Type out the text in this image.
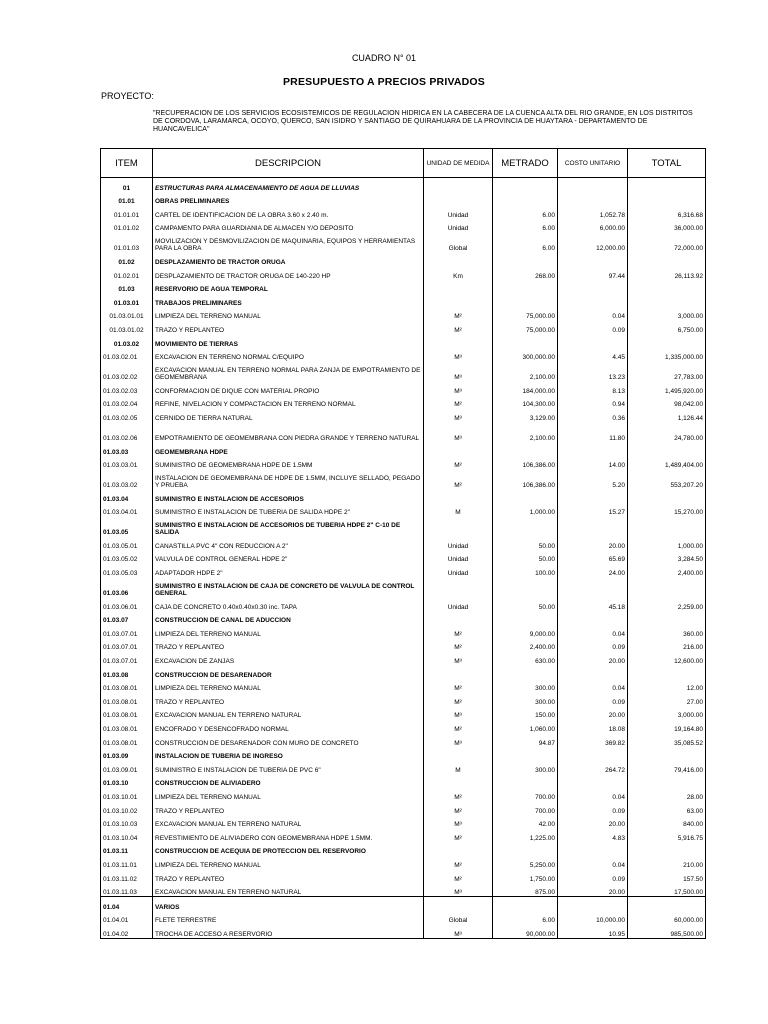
CUADRO N° 01
PRESUPUESTO A PRECIOS PRIVADOS
PROYECTO:
"RECUPERACION DE LOS SERVICIOS ECOSISTEMICOS DE REGULACION HIDRICA EN LA CABECERA DE LA CUENCA ALTA DEL RIO GRANDE, EN LOS DISTRITOS DE CORDOVA, LARAMARCA, OCOYO, QUERCO, SAN ISIDRO Y SANTIAGO DE QUIRAHUARA DE LA PROVINCIA DE HUAYTARA - DEPARTAMENTO DE HUANCAVELICA"
ITEM	DESCRIPCION	UNIDAD DE MEDIDA	METRADO	COSTO UNITARIO	TOTAL
01	ESTRUCTURAS PARA ALMACENAMIENTO DE AGUA DE LLUVIAS				
01.01	OBRAS PRELIMINARES				
01.01.01	CARTEL DE IDENTIFICACION DE LA OBRA 3.60 x 2.40 m.	Unidad	6.00	1,052.78	6,316.68
01.01.02	CAMPAMENTO PARA GUARDIANIA DE ALMACEN Y/O DEPOSITO	Unidad	6.00	6,000.00	36,000.00
01.01.03	MOVILIZACION Y DESMOVILIZACION DE MAQUINARIA, EQUIPOS Y HERRAMIENTAS PARA LA OBRA	Global	6.00	12,000.00	72,000.00
01.02	DESPLAZAMIENTO DE TRACTOR ORUGA				
01.02.01	DESPLAZAMIENTO DE TRACTOR ORUGA DE 140-220 HP	Km	268.00	97.44	26,113.92
01.03	RESERVORIO DE AGUA TEMPORAL				
01.03.01	TRABAJOS PRELIMINARES				
01.03.01.01	LIMPIEZA DEL TERRENO MANUAL	M²	75,000.00	0.04	3,000.00
01.03.01.02	TRAZO Y REPLANTEO	M²	75,000.00	0.09	6,750.00
01.03.02	MOVIMIENTO DE TIERRAS				
01.03.02.01	EXCAVACION EN TERRENO NORMAL C/EQUIPO	M³	300,000.00	4.45	1,335,000.00
01.03.02.02	EXCAVACION MANUAL EN TERRENO NORMAL PARA ZANJA DE EMPOTRAMIENTO DE GEOMEMBRANA	M³	2,100.00	13.23	27,783.00
01.03.02.03	CONFORMACION DE DIQUE CON MATERIAL PROPIO	M³	184,000.00	8.13	1,495,920.00
01.03.02.04	REFINE, NIVELACION Y COMPACTACION EN TERRENO NORMAL	M²	104,300.00	0.94	98,042.00
01.03.02.05	CERNIDO DE TIERRA NATURAL	M³	3,129.00	0.36	1,126.44
01.03.02.06	EMPOTRAMIENTO DE GEOMEMBRANA CON PIEDRA GRANDE Y TERRENO NATURAL	M³	2,100.00	11.80	24,780.00
01.03.03	GEOMEMBRANA HDPE				
01.03.03.01	SUMINISTRO DE GEOMEMBRANA HDPE DE 1.5MM	M²	106,386.00	14.00	1,489,404.00
01.03.03.02	INSTALACION DE GEOMEMBRANA DE HDPE DE 1.5MM, INCLUYE SELLADO, PEGADO Y PRUEBA	M²	106,386.00	5.20	553,207.20
01.03.04	SUMINISTRO E INSTALACION DE ACCESORIOS				
01.03.04.01	SUMINISTRO E INSTALACION DE TUBERIA DE SALIDA HDPE 2"	M	1,000.00	15.27	15,270.00
01.03.05	SUMINISTRO E INSTALACION DE ACCESORIOS DE TUBERIA HDPE 2" C-10 DE SALIDA				
01.03.05.01	CANASTILLA PVC 4" CON REDUCCION A 2"	Unidad	50.00	20.00	1,000.00
01.03.05.02	VALVULA DE CONTROL GENERAL HDPE 2"	Unidad	50.00	65.69	3,284.50
01.03.05.03	ADAPTADOR HDPE 2"	Unidad	100.00	24.00	2,400.00
01.03.06	SUMINISTRO E INSTALACION DE CAJA DE CONCRETO DE VALVULA DE CONTROL GENERAL				
01.03.06.01	CAJA DE CONCRETO 0.40x0.40x0.30 inc. TAPA	Unidad	50.00	45.18	2,259.00
01.03.07	CONSTRUCCION DE CANAL DE ADUCCION				
01.03.07.01	LIMPIEZA DEL TERRENO MANUAL	M²	9,000.00	0.04	360.00
01.03.07.01	TRAZO Y REPLANTEO	M²	2,400.00	0.09	216.00
01.03.07.01	EXCAVACION DE ZANJAS	M³	630.00	20.00	12,600.00
01.03.08	CONSTRUCCION DE DESARENADOR				
01.03.08.01	LIMPIEZA DEL TERRENO MANUAL	M²	300.00	0.04	12.00
01.03.08.01	TRAZO Y REPLANTEO	M²	300.00	0.09	27.00
01.03.08.01	EXCAVACION MANUAL EN TERRENO NATURAL	M³	150.00	20.00	3,000.00
01.03.08.01	ENCOFRADO Y DESENCOFRADO NORMAL	M²	1,060.00	18.08	19,164.80
01.03.08.01	CONSTRUCCION DE DESARENADOR CON MURO DE CONCRETO	M³	94.87	369.82	35,085.52
01.03.09	INSTALACION DE TUBERIA DE INGRESO				
01.03.09.01	SUMINISTRO E INSTALACION DE TUBERIA DE PVC 6"	M	300.00	264.72	79,416.00
01.03.10	CONSTRUCCION DE ALIVIADERO				
01.03.10.01	LIMPIEZA DEL TERRENO MANUAL	M²	700.00	0.04	28.00
01.03.10.02	TRAZO Y REPLANTEO	M²	700.00	0.09	63.00
01.03.10.03	EXCAVACION MANUAL EN TERRENO NATURAL	M³	42.00	20.00	840.00
01.03.10.04	REVESTIMIENTO DE ALIVIADERO CON GEOMEMBRANA HDPE 1.5MM.	M²	1,225.00	4.83	5,916.75
01.03.11	CONSTRUCCION DE ACEQUIA DE PROTECCION DEL RESERVORIO				
01.03.11.01	LIMPIEZA DEL TERRENO MANUAL	M²	5,250.00	0.04	210.00
01.03.11.02	TRAZO Y REPLANTEO	M²	1,750.00	0.09	157.50
01.03.11.03	EXCAVACION MANUAL EN TERRENO NATURAL	M³	875.00	20.00	17,500.00
01.04	VARIOS				
01.04.01	FLETE TERRESTRE	Global	6.00	10,000.00	60,000.00
01.04.02	TROCHA DE ACCESO A RESERVORIO	M³	90,000.00	10.95	985,500.00
